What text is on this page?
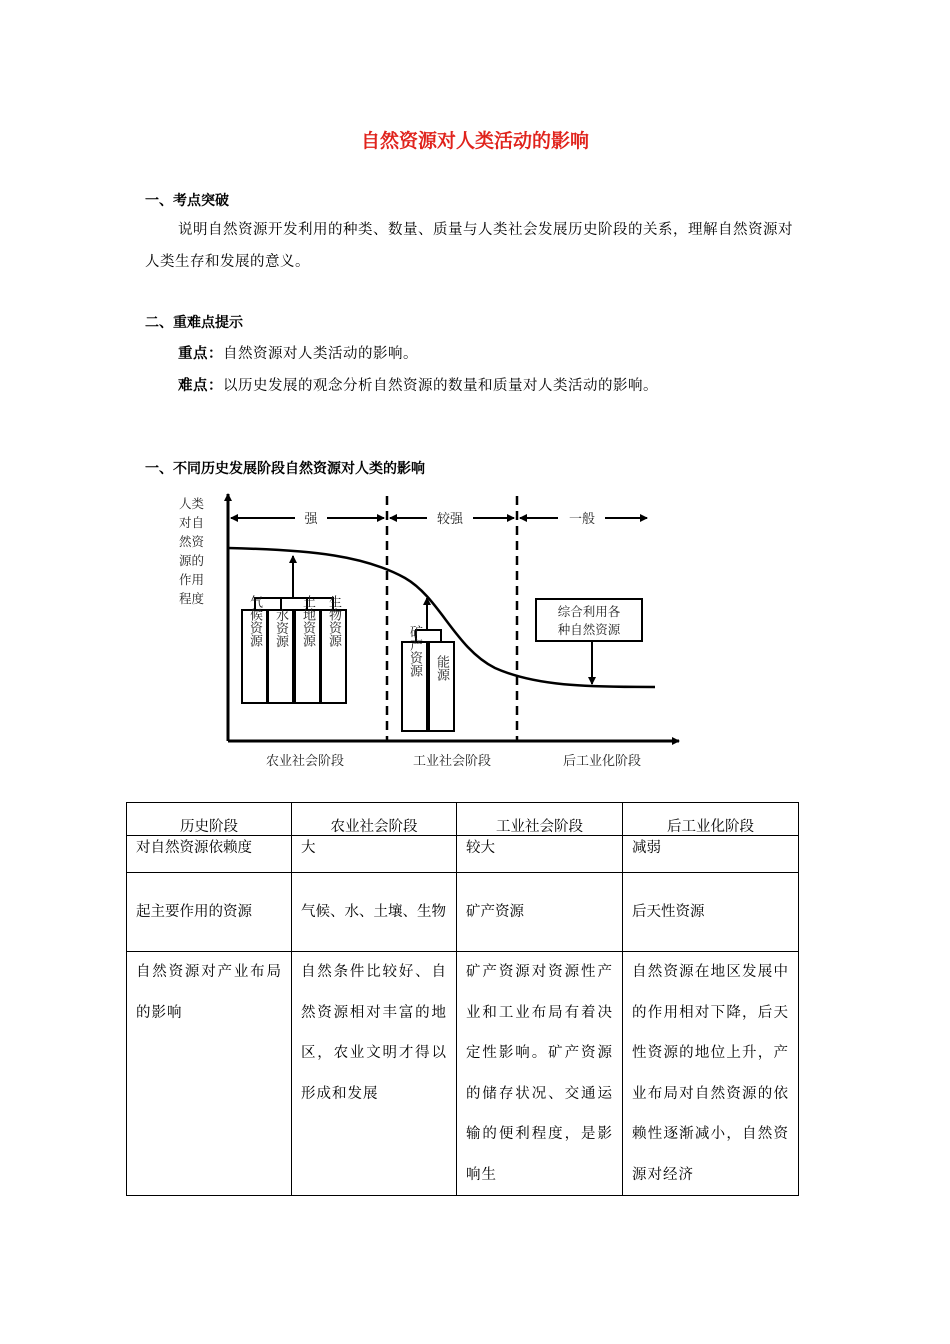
自然资源对人类活动的影响
一、考点突破
说明自然资源开发利用的种类、数量、质量与人类社会发展历史阶段的关系，理解自然资源对人类生存和发展的意义。
二、重难点提示
重点：自然资源对人类活动的影响。
难点：以历史发展的观念分析自然资源的数量和质量对人类活动的影响。
一、不同历史发展阶段自然资源对人类的影响
人类
对自
然资
源的
作用
程度
强	较强	一般
气候资源 水资源 土地资源 生物资源
矿产资源 能源
综合利用各
种自然资源
农业社会阶段	工业社会阶段	后工业化阶段
历史阶段	农业社会阶段	工业社会阶段	后工业化阶段
对自然资源依赖度	大	较大	减弱
起主要作用的资源	气候、水、土壤、生物	矿产资源	后天性资源
自然资源对产业布局的影响	自然条件比较好、自然资源相对丰富的地区，农业文明才得以形成和发展	矿产资源对资源性产业和工业布局有着决定性影响。矿产资源的储存状况、交通运输的便利程度，是影响生	自然资源在地区发展中的作用相对下降，后天性资源的地位上升，产业布局对自然资源的依赖性逐渐减小，自然资源对经济
